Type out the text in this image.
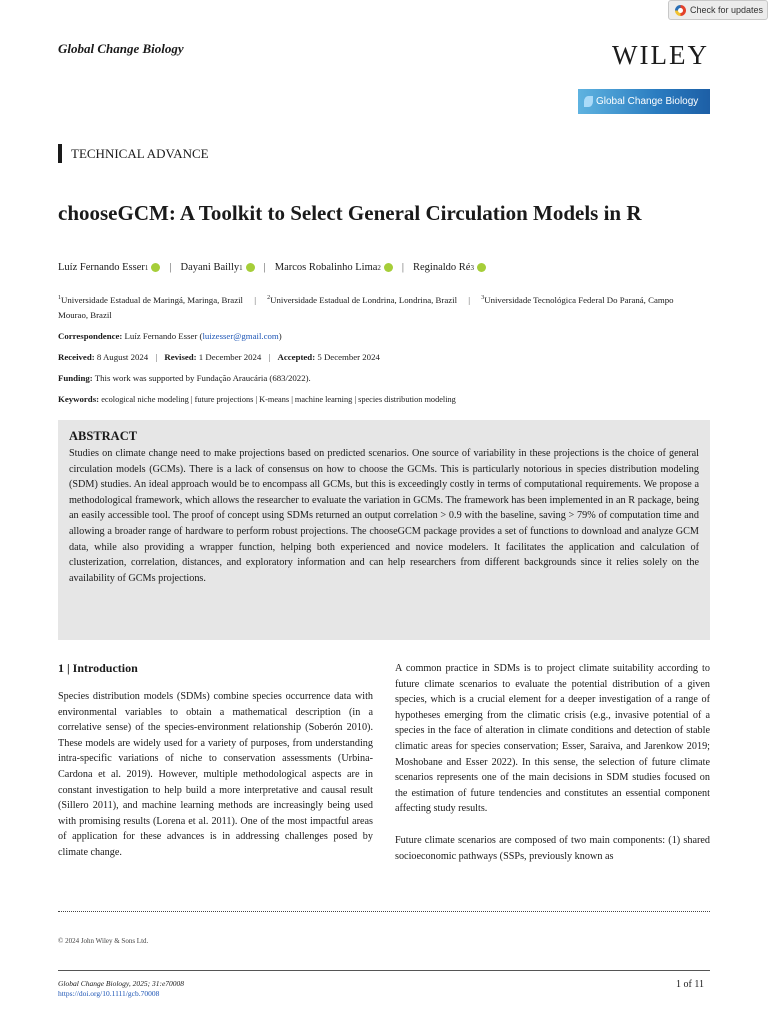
Check for updates
Global Change Biology	WILEY
Global Change Biology
TECHNICAL ADVANCE
chooseGCM: A Toolkit to Select General Circulation Models in R
Luíz Fernando Esser 1 | Dayani Bailly 1 | Marcos Robalinho Lima 2 | Reginaldo Ré 3
$^1$Universidade Estadual de Maringá, Maringa, Brazil | $^2$Universidade Estadual de Londrina, Londrina, Brazil | $^3$Universidade Tecnológica Federal Do Paraná, Campo Mourao, Brazil
Correspondence: Luíz Fernando Esser (luizesser@gmail.com)
Received: 8 August 2024 | Revised: 1 December 2024 | Accepted: 5 December 2024
Funding: This work was supported by Fundação Araucária (683/2022).
Keywords: ecological niche modeling | future projections | K-means | machine learning | species distribution modeling
ABSTRACT
Studies on climate change need to make projections based on predicted scenarios. One source of variability in these projections is the choice of general circulation models (GCMs). There is a lack of consensus on how to choose the GCMs. This is particularly notorious in species distribution modeling (SDM) studies. An ideal approach would be to encompass all GCMs, but this is exceedingly costly in terms of computational requirements. We propose a methodological framework, which allows the researcher to evaluate the variation in GCMs. The framework has been implemented in an R package, being an easily accessible tool. The proof of concept using SDMs returned an output correlation > 0.9 with the baseline, saving > 79% of computation time and allowing a broader range of hardware to perform robust projections. The chooseGCM package provides a set of functions to download and analyze GCM data, while also providing a wrapper function, helping both experienced and novice modelers. It facilitates the application and calculation of clusterization, correlation, distances, and exploratory information and can help researchers from different backgrounds since it relies solely on the availability of GCMs projections.
1 | Introduction

Species distribution models (SDMs) combine species occurrence data with environmental variables to obtain a mathematical description (in a correlative sense) of the species-environment relationship (Soberón 2010). These models are widely used for a variety of purposes, from understanding intra-specific variations of niche to conservation assessments (Urbina-Cardona et al. 2019). However, multiple methodological aspects are in constant investigation to help build a more interpretative and causal result (Sillero 2011), and machine learning methods are increasingly being used with promising results (Lorena et al. 2011). One of the most impactful areas of application for these advances is in addressing challenges posed by climate change.

A common practice in SDMs is to project climate suitability according to future climate scenarios to evaluate the potential distribution of a given species, which is a crucial element for a deeper investigation of a range of hypotheses emerging from the climatic crisis (e.g., invasive potential of a species in the face of alteration in climate conditions and detection of stable climatic areas for species conservation; Esser, Saraiva, and Jarenkow 2019; Moshobane and Esser 2022). In this sense, the selection of future climate scenarios represents one of the main decisions in SDM studies focused on the estimation of future tendencies and constitutes an essential component affecting study results.

Future climate scenarios are composed of two main components: (1) shared socioeconomic pathways (SSPs, previously known as

© 2024 John Wiley & Sons Ltd.
Global Change Biology, 2025; 31:e70008
https://doi.org/10.1111/gcb.70008
1 of 11
